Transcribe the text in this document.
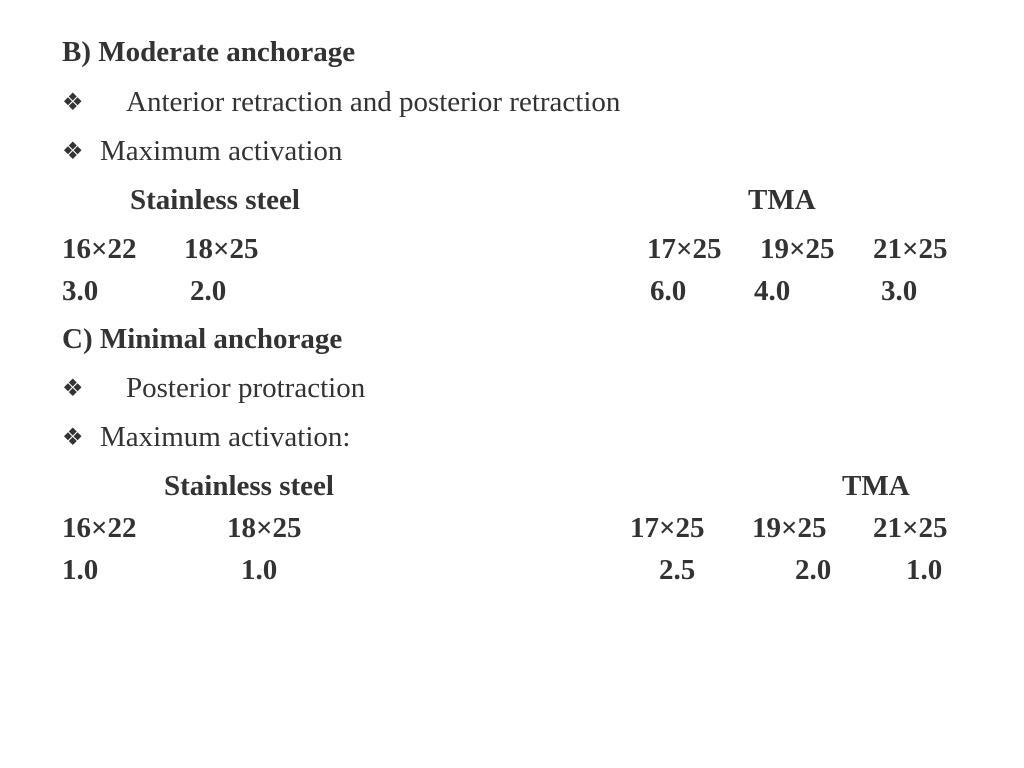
B) Moderate anchorage
❖ Anterior retraction and posterior retraction
❖ Maximum activation
Stainless steel	TMA
16×22 18×25	17×25 19×25 21×25
3.0	2.0	6.0 4.0	3.0
C) Minimal anchorage
❖ Posterior protraction
❖ Maximum activation:
Stainless steel	TMA
16×22	18×25	17×25 19×25 21×25
1.0	1.0	2.5	2.0	1.0
